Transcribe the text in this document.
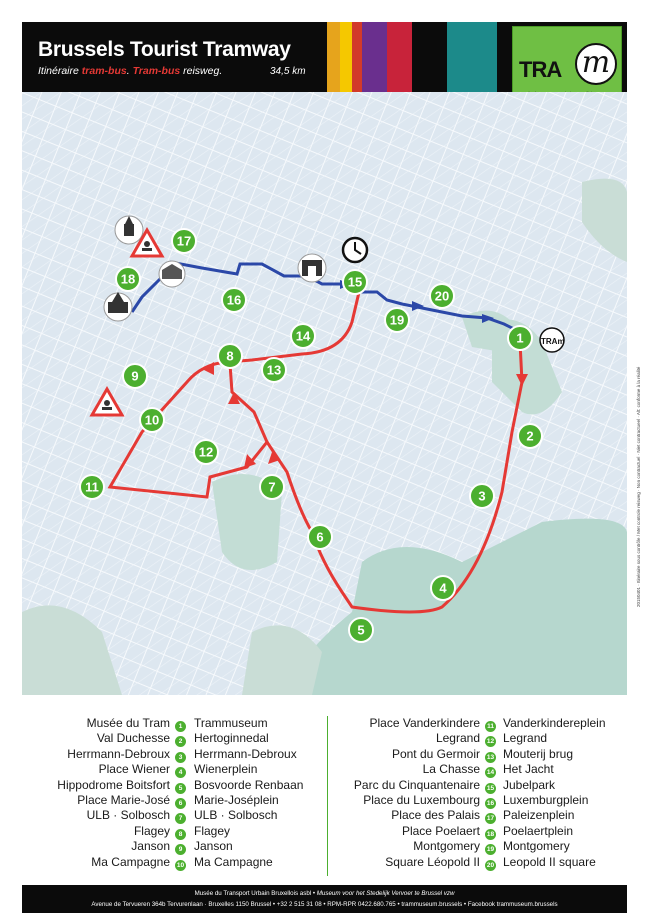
Brussels Tourist Tramway
Itinéraire tram-bus. Tram-bus reisweg.	34,5 km	TRA m
TRAm
1
2
3
4
5
6
7
8
9
10
11
12
13
14
15
16
17
18
19
20
20150401 · Itinéraire sous contrôle / Met controle reisweg · Non contractuel · Niet contractueel · Alt: conforme à la réalité
Musée du Tram
Val Duchesse
Herrmann-Debroux
Place Wiener
Hippodrome Boitsfort
Place Marie-José
ULB · Solbosch
Flagey
Janson
Ma Campagne
1
2
3
4
5
6
7
8
9
10
Trammuseum
Hertoginnedal
Herrmann-Debroux
Wienerplein
Bosvoorde Renbaan
Marie-Joséplein
ULB · Solbosch
Flagey
Janson
Ma Campagne
Place Vanderkindere
Legrand
Pont du Germoir
La Chasse
Parc du Cinquantenaire
Place du Luxembourg
Place des Palais
Place Poelaert
Montgomery
Square Léopold II
11
12
13
14
15
16
17
18
19
20
Vanderkindereplein
Legrand
Mouterij brug
Het Jacht
Jubelpark
Luxemburgplein
Paleizenplein
Poelaertplein
Montgomery
Leopold II square
Musée du Transport Urbain Bruxellois asbl • Museum voor het Stedelijk Vervoer te Brussel vzw
Avenue de Tervueren 364b Tervurenlaan · Bruxelles 1150 Brussel • +32 2 515 31 08 • RPM-RPR 0422.680.765 • trammuseum.brussels • Facebook trammuseum.brussels
